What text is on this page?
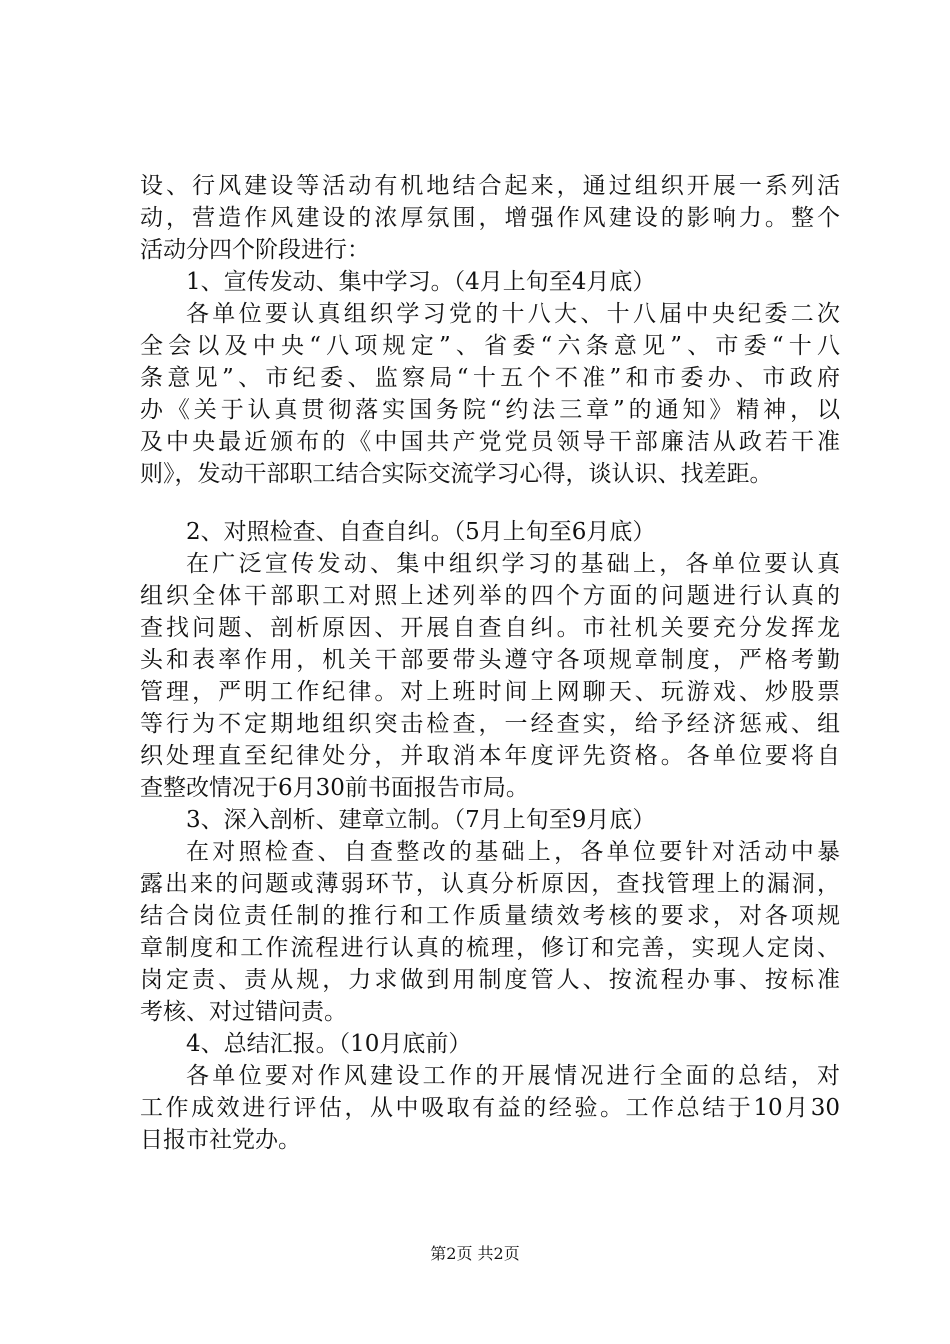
设、行风建设等活动有机地结合起来，通过组织开展一系列活
动，营造作风建设的浓厚氛围，增强作风建设的影响力。整个
活动分四个阶段进行：
1、宣传发动、集中学习。（4月上旬至4月底）
各单位要认真组织学习党的十八大、十八届中央纪委二次
全会以及中央“八项规定”、省委“六条意见”、市委“十八
条意见”、市纪委、监察局“十五个不准”和市委办、市政府
办《关于认真贯彻落实国务院“约法三章”的通知》精神，以
及中央最近颁布的《中国共产党党员领导干部廉洁从政若干准
则》，发动干部职工结合实际交流学习心得，谈认识、找差距。
2、对照检查、自查自纠。（5月上旬至6月底）
在广泛宣传发动、集中组织学习的基础上，各单位要认真
组织全体干部职工对照上述列举的四个方面的问题进行认真的
查找问题、剖析原因、开展自查自纠。市社机关要充分发挥龙
头和表率作用，机关干部要带头遵守各项规章制度，严格考勤
管理，严明工作纪律。对上班时间上网聊天、玩游戏、炒股票
等行为不定期地组织突击检查，一经查实，给予经济惩戒、组
织处理直至纪律处分，并取消本年度评先资格。各单位要将自
查整改情况于6月30前书面报告市局。
3、深入剖析、建章立制。（7月上旬至9月底）
在对照检查、自查整改的基础上，各单位要针对活动中暴
露出来的问题或薄弱环节，认真分析原因，查找管理上的漏洞，
结合岗位责任制的推行和工作质量绩效考核的要求，对各项规
章制度和工作流程进行认真的梳理，修订和完善，实现人定岗、
岗定责、责从规，力求做到用制度管人、按流程办事、按标准
考核、对过错问责。
4、总结汇报。（10月底前）
各单位要对作风建设工作的开展情况进行全面的总结，对
工作成效进行评估，从中吸取有益的经验。工作总结于10月30
日报市社党办。
第2页 共2页
